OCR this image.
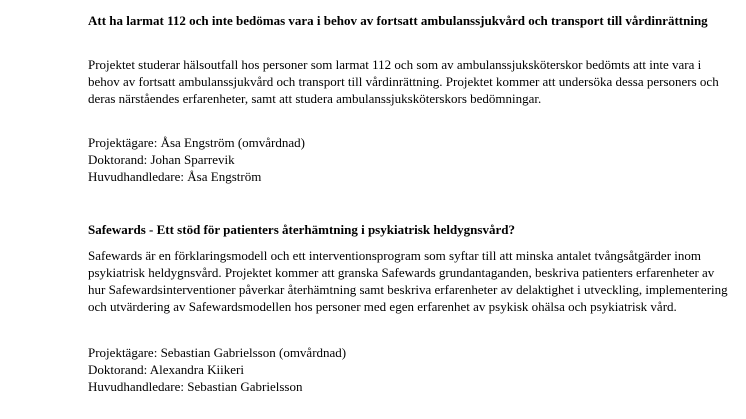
Att ha larmat 112 och inte bedömas vara i behov av fortsatt ambulanssjukvård och transport till vårdinrättning

Projektet studerar hälsoutfall hos personer som larmat 112 och som av ambulanssjuksköterskor bedömts att inte vara i behov av fortsatt ambulanssjukvård och transport till vårdinrättning. Projektet kommer att undersöka dessa personers och deras närståendes erfarenheter, samt att studera ambulanssjuksköterskors bedömningar.

Projektägare: Åsa Engström (omvårdnad)

Doktorand: Johan Sparrevik

Huvudhandledare: Åsa Engström

Safewards - Ett stöd för patienters återhämtning i psykiatrisk heldygnsvård?

Safewards är en förklaringsmodell och ett interventionsprogram som syftar till att minska antalet tvångsåtgärder inom psykiatrisk heldygnsvård. Projektet kommer att granska Safewards grundantaganden, beskriva patienters erfarenheter av hur Safewardsinterventioner påverkar återhämtning samt beskriva erfarenheter av delaktighet i utveckling, implementering och utvärdering av Safewardsmodellen hos personer med egen erfarenhet av psykisk ohälsa och psykiatrisk vård.

Projektägare: Sebastian Gabrielsson (omvårdnad)

Doktorand: Alexandra Kiikeri

Huvudhandledare: Sebastian Gabrielsson
